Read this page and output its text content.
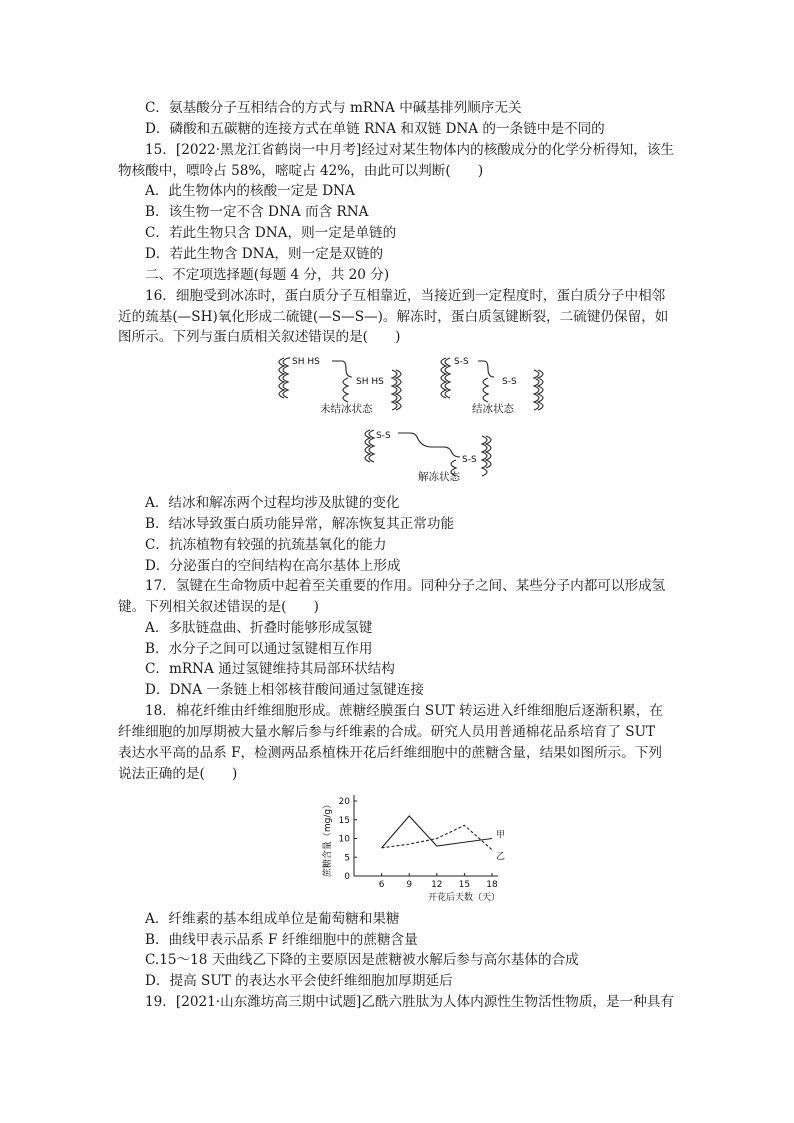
C．氨基酸分子互相结合的方式与 mRNA 中碱基排列顺序无关
D．磷酸和五碳糖的连接方式在单链 RNA 和双链 DNA 的一条链中是不同的
15．[2022·黑龙江省鹤岗一中月考]经过对某生物体内的核酸成分的化学分析得知，该生
物核酸中，嘌呤占 58%，嘧啶占 42%，由此可以判断(　　)
A．此生物体内的核酸一定是 DNA
B．该生物一定不含 DNA 而含 RNA
C．若此生物只含 DNA，则一定是单链的
D．若此生物含 DNA，则一定是双链的
二、不定项选择题(每题 4 分，共 20 分)
16．细胞受到冰冻时，蛋白质分子互相靠近，当接近到一定程度时，蛋白质分子中相邻
近的巯基(—SH)氧化形成二硫键(—S—S—)。解冻时，蛋白质氢键断裂，二硫键仍保留，如
图所示。下列与蛋白质相关叙述错误的是(　　)
SH HS
SH HS
S-S
S-S
S-S
S-S
未结冰状态	结冰状态
解冻状态
A．结冰和解冻两个过程均涉及肽键的变化
B．结冰导致蛋白质功能异常，解冻恢复其正常功能
C．抗冻植物有较强的抗巯基氧化的能力
D．分泌蛋白的空间结构在高尔基体上形成
17．氢键在生命物质中起着至关重要的作用。同种分子之间、某些分子内都可以形成氢
键。下列相关叙述错误的是(　　)
A．多肽链盘曲、折叠时能够形成氢键
B．水分子之间可以通过氢键相互作用
C．mRNA 通过氢键维持其局部环状结构
D．DNA 一条链上相邻核苷酸间通过氢键连接
18．棉花纤维由纤维细胞形成。蔗糖经膜蛋白 SUT 转运进入纤维细胞后逐渐积累，在
纤维细胞的加厚期被大量水解后参与纤维素的合成。研究人员用普通棉花品系培育了 SUT
表达水平高的品系 F，检测两品系植株开花后纤维细胞中的蔗糖含量，结果如图所示。下列
说法正确的是(　　)
0
5
10
15
20
6 9 12 15 18
甲
乙
开花后天数（天）
蔗糖含量（mg/g）
A．纤维素的基本组成单位是葡萄糖和果糖
B．曲线甲表示品系 F 纤维细胞中的蔗糖含量
C.15～18 天曲线乙下降的主要原因是蔗糖被水解后参与高尔基体的合成
D．提高 SUT 的表达水平会使纤维细胞加厚期延后
19．[2021·山东潍坊高三期中试题]乙酰六胜肽为人体内源性生物活性物质，是一种具有
